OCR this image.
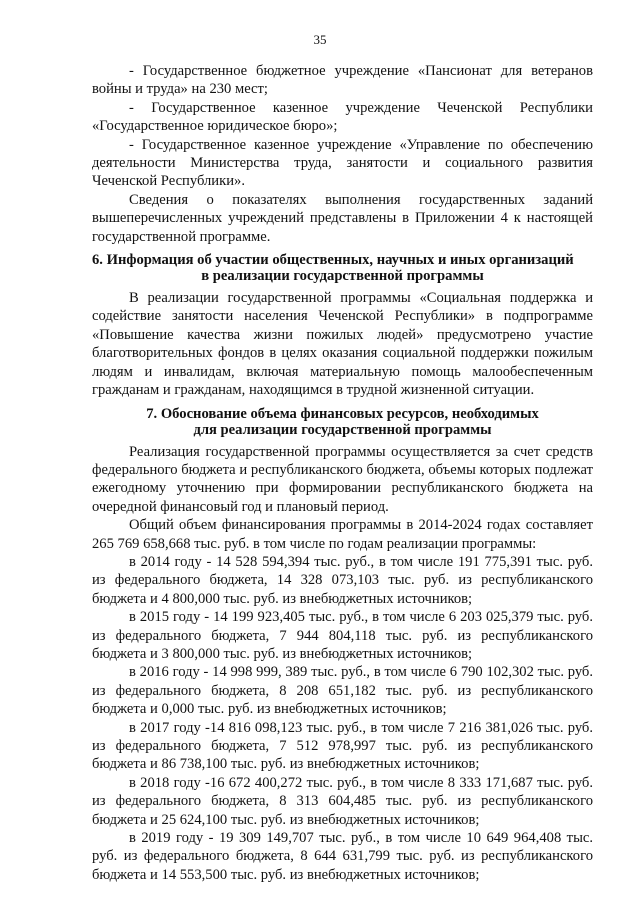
35

- Государственное бюджетное учреждение «Пансионат для ветеранов войны и труда» на 230 мест;

- Государственное казенное учреждение Чеченской Республики «Государственное юридическое бюро»;

- Государственное казенное учреждение «Управление по обеспечению деятельности Министерства труда, занятости и социального развития Чеченской Республики».

Сведения о показателях выполнения государственных заданий вышеперечисленных учреждений представлены в Приложении 4 к настоящей государственной программе.

6. Информация об участии общественных, научных и иных организаций
в реализации государственной программы

В реализации государственной программы «Социальная поддержка и содействие занятости населения Чеченской Республики» в подпрограмме «Повышение качества жизни пожилых людей» предусмотрено участие благотворительных фондов в целях оказания социальной поддержки пожилым людям и инвалидам, включая материальную помощь малообеспеченным гражданам и гражданам, находящимся в трудной жизненной ситуации.

7. Обоснование объема финансовых ресурсов, необходимых
для реализации государственной программы

Реализация государственной программы осуществляется за счет средств федерального бюджета и республиканского бюджета, объемы которых подлежат ежегодному уточнению при формировании республиканского бюджета на очередной финансовый год и плановый период.

Общий объем финансирования программы в 2014-2024 годах составляет 265 769 658,668 тыс. руб. в том числе по годам реализации программы:

в 2014 году - 14 528 594,394 тыс. руб., в том числе 191 775,391 тыс. руб. из федерального бюджета, 14 328 073,103 тыс. руб. из республиканского бюджета и 4 800,000 тыс. руб. из внебюджетных источников;

в 2015 году - 14 199 923,405 тыс. руб., в том числе 6 203 025,379 тыс. руб. из федерального бюджета, 7 944 804,118 тыс. руб. из республиканского бюджета и 3 800,000 тыс. руб. из внебюджетных источников;

в 2016 году - 14 998 999, 389 тыс. руб., в том числе 6 790 102,302 тыс. руб. из федерального бюджета, 8 208 651,182 тыс. руб. из республиканского бюджета и 0,000 тыс. руб. из внебюджетных источников;

в 2017 году -14 816 098,123 тыс. руб., в том числе 7 216 381,026 тыс. руб. из федерального бюджета, 7 512 978,997 тыс. руб. из республиканского бюджета и 86 738,100 тыс. руб. из внебюджетных источников;

в 2018 году -16 672 400,272 тыс. руб., в том числе 8 333 171,687 тыс. руб. из федерального бюджета, 8 313 604,485 тыс. руб. из республиканского бюджета и 25 624,100 тыс. руб. из внебюджетных источников;

в 2019 году - 19 309 149,707 тыс. руб., в том числе 10 649 964,408 тыс. руб. из федерального бюджета, 8 644 631,799 тыс. руб. из республиканского бюджета и 14 553,500 тыс. руб. из внебюджетных источников;
